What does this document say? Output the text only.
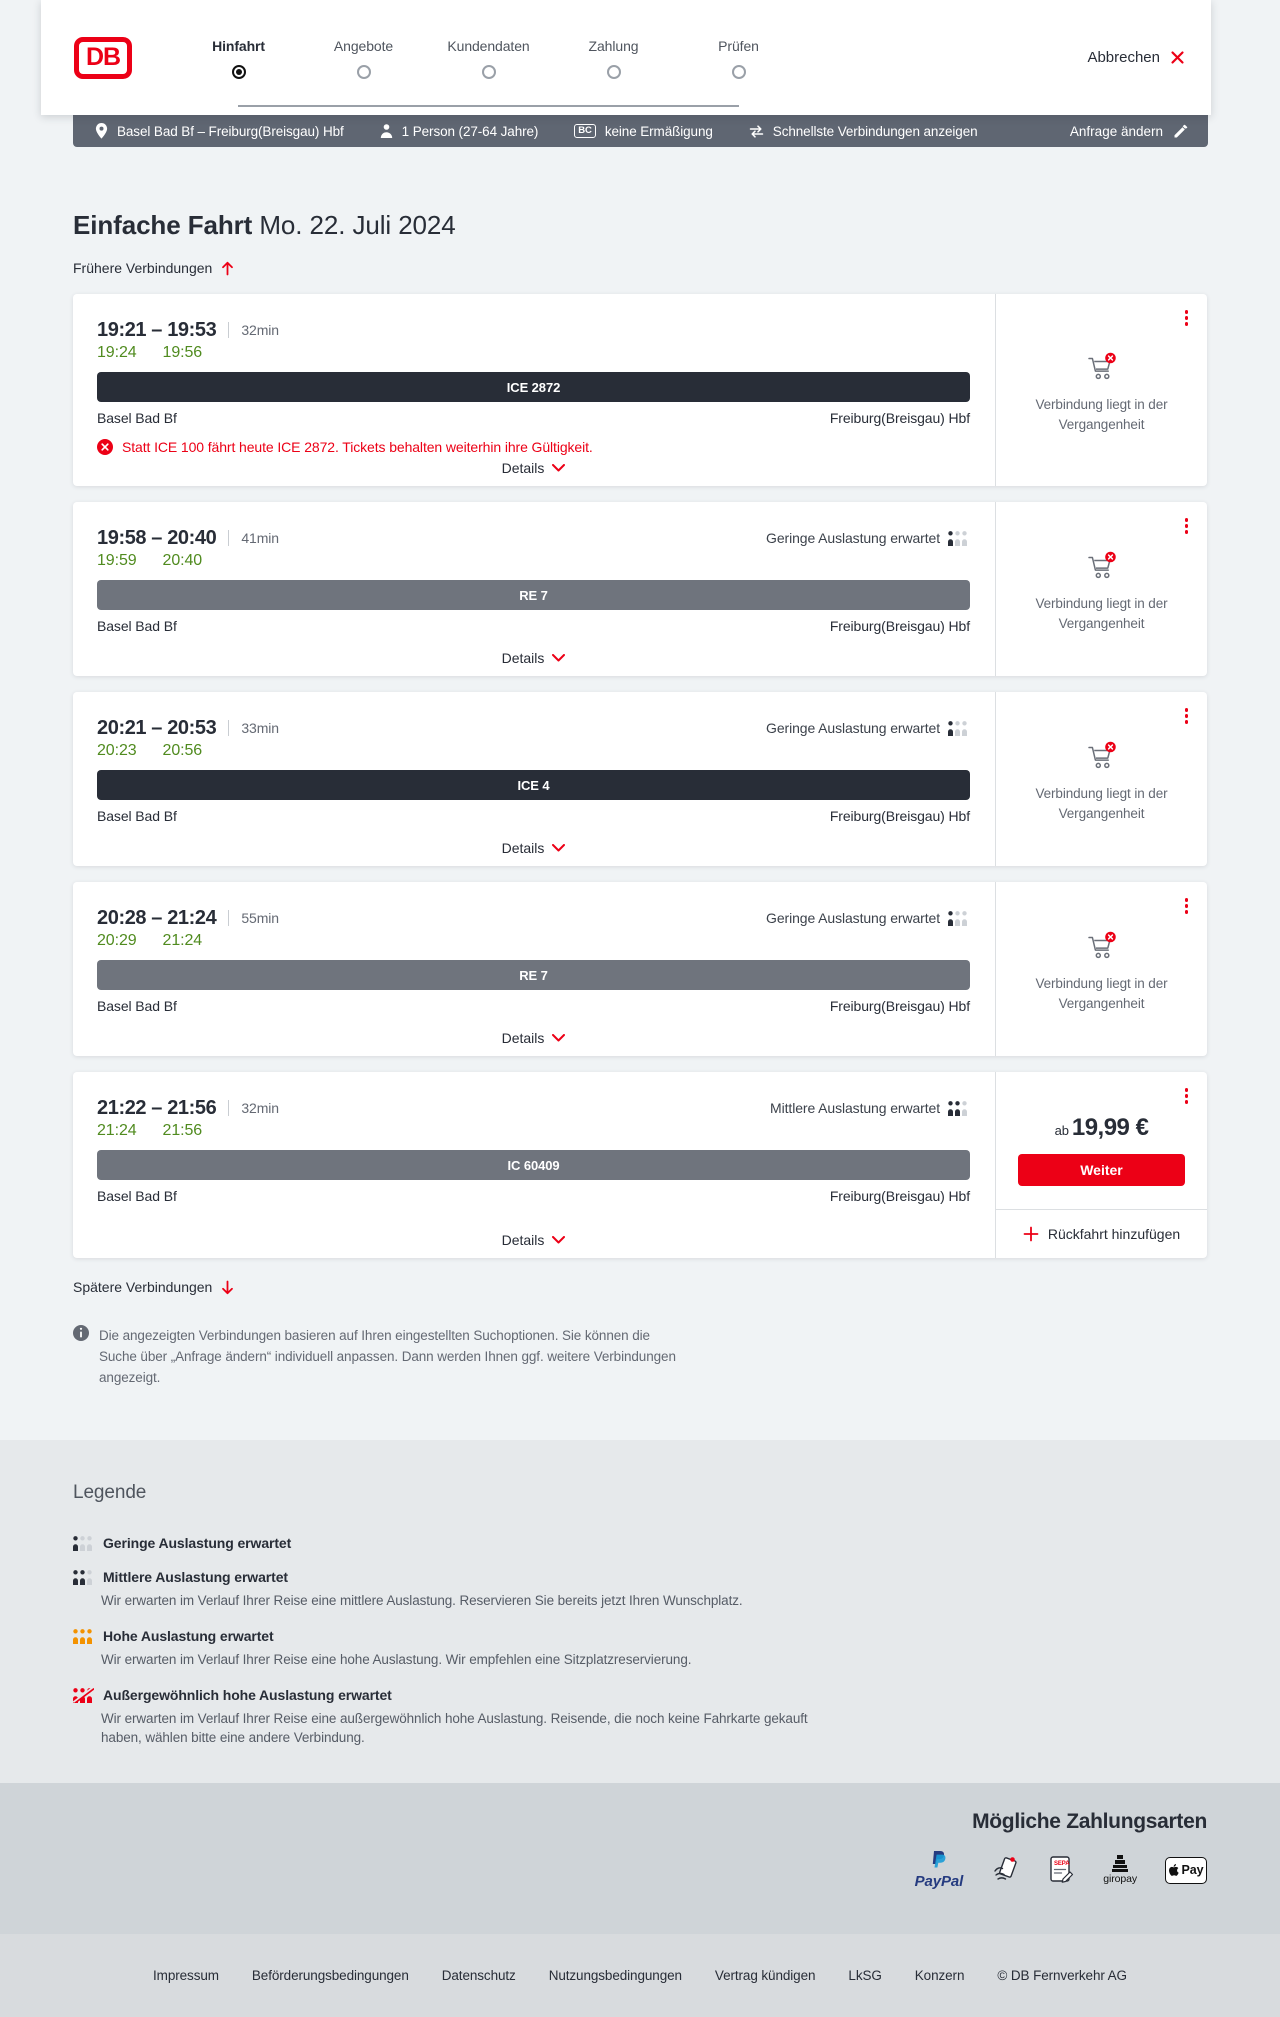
DB	Hinfahrt	Angebote	Kundendaten	Zahlung	Prüfen
Abbrechen
Basel Bad Bf – Freiburg(Breisgau) Hbf	1 Person (27-64 Jahre)	BC keine Ermäßigung	Schnellste Verbindungen anzeigen	Anfrage ändern
Einfache Fahrt Mo. 22. Juli 2024
Frühere Verbindungen
19:21 – 19:53 32min
19:24 19:56
ICE 2872
Basel Bad Bf	Freiburg(Breisgau) Hbf
Statt ICE 100 fährt heute ICE 2872. Tickets behalten weiterhin ihre Gültigkeit.
Details
Verbindung liegt in der Vergangenheit
19:58 – 20:40 41min	Geringe Auslastung erwartet
19:59 20:40
RE 7
Basel Bad Bf	Freiburg(Breisgau) Hbf
Details
Verbindung liegt in der Vergangenheit
20:21 – 20:53 33min	Geringe Auslastung erwartet
20:23 20:56
ICE 4
Basel Bad Bf	Freiburg(Breisgau) Hbf
Details
Verbindung liegt in der Vergangenheit
20:28 – 21:24 55min	Geringe Auslastung erwartet
20:29 21:24
RE 7
Basel Bad Bf	Freiburg(Breisgau) Hbf
Details
Verbindung liegt in der Vergangenheit
21:22 – 21:56 32min	Mittlere Auslastung erwartet
21:24 21:56
IC 60409
Basel Bad Bf	Freiburg(Breisgau) Hbf
Details
ab 19,99 €
Weiter
Rückfahrt hinzufügen
Spätere Verbindungen

Die angezeigten Verbindungen basieren auf Ihren eingestellten Suchoptionen. Sie können die Suche über „Anfrage ändern“ individuell anpassen. Dann werden Ihnen ggf. weitere Verbindungen angezeigt.

Legende
Geringe Auslastung erwartet
Mittlere Auslastung erwartet

Wir erwarten im Verlauf Ihrer Reise eine mittlere Auslastung. Reservieren Sie bereits jetzt Ihren Wunschplatz.

Hohe Auslastung erwartet

Wir erwarten im Verlauf Ihrer Reise eine hohe Auslastung. Wir empfehlen eine Sitzplatzreservierung.

Außergewöhnlich hohe Auslastung erwartet

Wir erwarten im Verlauf Ihrer Reise eine außergewöhnlich hohe Auslastung. Reisende, die noch keine Fahrkarte gekauft haben, wählen bitte eine andere Verbindung.

Mögliche Zahlungsarten
PayPal
SEPA
giropay
Pay
Impressum Beförderungsbedingungen Datenschutz Nutzungsbedingungen Vertrag kündigen LkSG Konzern © DB Fernverkehr AG
